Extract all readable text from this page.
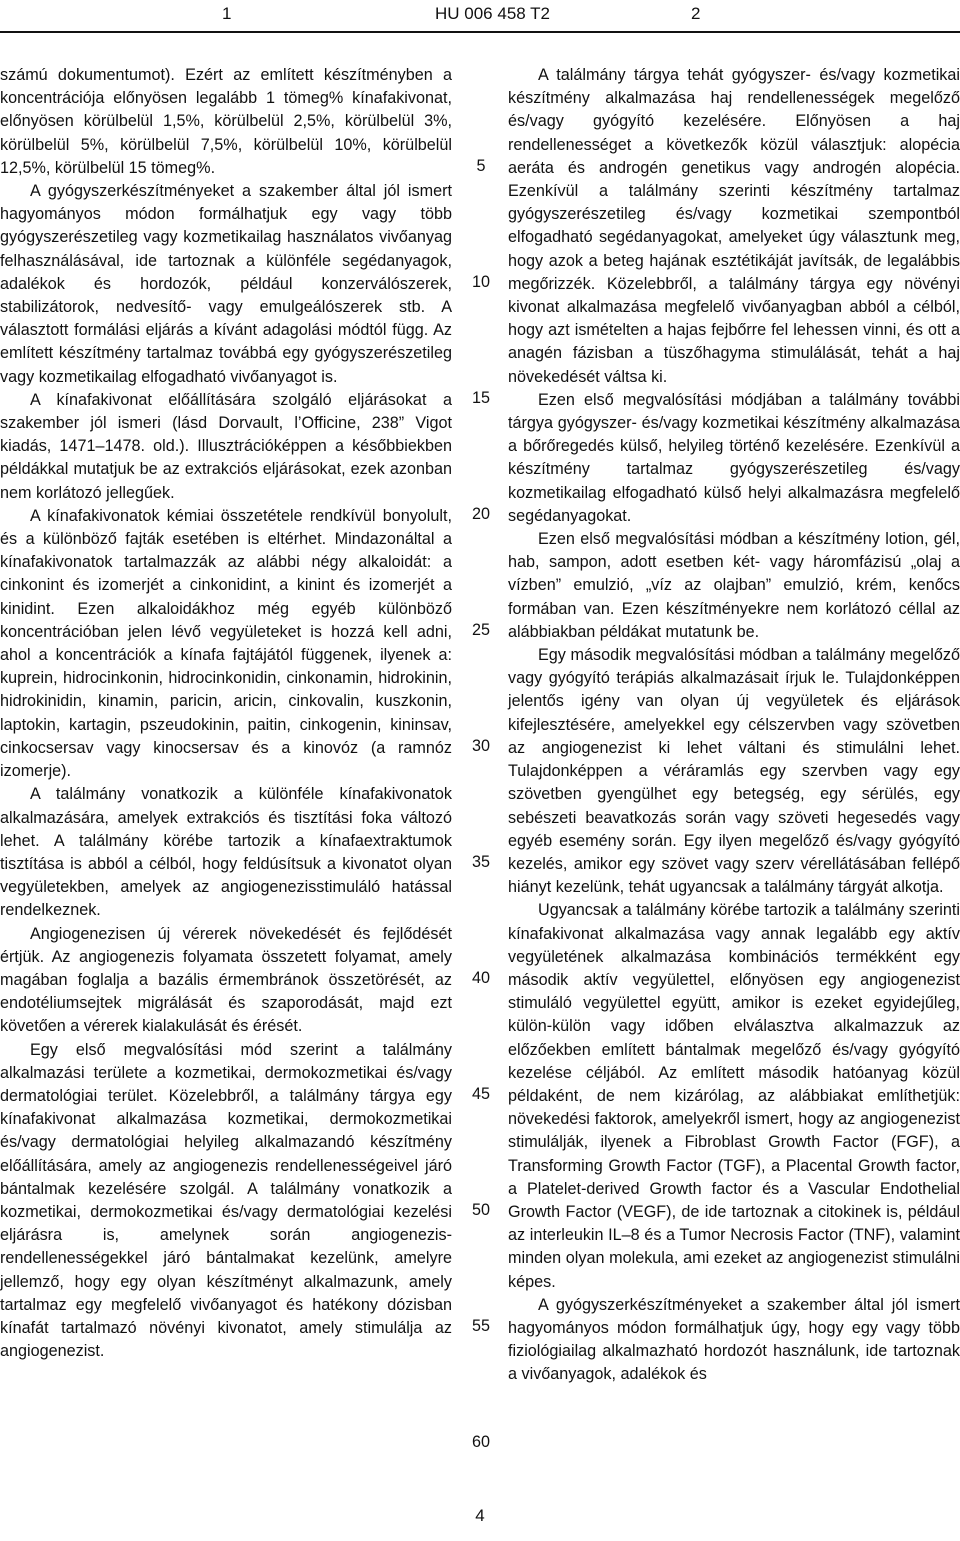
1	HU 006 458 T2	2

számú dokumentumot). Ezért az említett készítményben a koncentrációja előnyösen legalább 1 tömeg% kínafakivonat, előnyösen körülbelül 1,5%, körülbelül 2,5%, körülbelül 3%, körülbelül 5%, körülbelül 7,5%, körülbelül 10%, körülbelül 12,5%, körülbelül 15 tömeg%.

A gyógyszerkészítményeket a szakember által jól ismert hagyományos módon formálhatjuk egy vagy több gyógyszerészetileg vagy kozmetikailag használatos vivőanyag felhasználásával, ide tartoznak a különféle segédanyagok, adalékok és hordozók, például konzerválószerek, stabilizátorok, nedvesítő- vagy emulgeálószerek stb. A választott formálási eljárás a kívánt adagolási módtól függ. Az említett készítmény tartalmaz továbbá egy gyógyszerészetileg vagy kozmetikailag elfogadható vivőanyagot is.

A kínafakivonat előállítására szolgáló eljárásokat a szakember jól ismeri (lásd Dorvault, l’Officine, 238” Vigot kiadás, 1471–1478. old.). Illusztrációképpen a későbbiekben példákkal mutatjuk be az extrakciós eljárásokat, ezek azonban nem korlátozó jellegűek.

A kínafakivonatok kémiai összetétele rendkívül bonyolult, és a különböző fajták esetében is eltérhet. Mindazonáltal a kínafakivonatok tartalmazzák az alábbi négy alkaloidát: a cinkonint és izomerjét a cinkonidint, a kinint és izomerjét a kinidint. Ezen alkaloidákhoz még egyéb különböző koncentrációban jelen lévő vegyületeket is hozzá kell adni, ahol a koncentrációk a kínafa fajtájától függenek, ilyenek a: kuprein, hidrocinkonin, hidrocinkonidin, cinkonamin, hidrokinin, hidrokinidin, kinamin, paricin, aricin, cinkovalin, kuszkonin, laptokin, kartagin, pszeudokinin, paitin, cinkogenin, kininsav, cinkocsersav vagy kinocsersav és a kinovóz (a ramnóz izomerje).

A találmány vonatkozik a különféle kínafakivonatok alkalmazására, amelyek extrakciós és tisztítási foka változó lehet. A találmány körébe tartozik a kínafaextraktumok tisztítása is abból a célból, hogy feldúsítsuk a kivonatot olyan vegyületekben, amelyek az angiogenezisstimuláló hatással rendelkeznek.

Angiogenezisen új vérerek növekedését és fejlődését értjük. Az angiogenezis folyamata összetett folyamat, amely magában foglalja a bazális érmembránok összetörését, az endotéliumsejtek migrálását és szaporodását, majd ezt követően a vérerek kialakulását és érését.

Egy első megvalósítási mód szerint a találmány alkalmazási területe a kozmetikai, dermokozmetikai és/vagy dermatológiai terület. Közelebbről, a találmány tárgya egy kínafakivonat alkalmazása kozmetikai, dermokozmetikai és/vagy dermatológiai helyileg alkalmazandó készítmény előállítására, amely az angiogenezis rendellenességeivel járó bántalmak kezelésére szolgál. A találmány vonatkozik a kozmetikai, dermokozmetikai és/vagy dermatológiai kezelési eljárásra is, amelynek során angiogenezis-rendellenességekkel járó bántalmakat kezelünk, amelyre jellemző, hogy egy olyan készítményt alkalmazunk, amely tartalmaz egy megfelelő vivőanyagot és hatékony dózisban kínafát tartalmazó növényi kivonatot, amely stimulálja az angiogenezist.

5
10
15
20
25
30
35
40
45
50
55
60

A találmány tárgya tehát gyógyszer- és/vagy kozmetikai készítmény alkalmazása haj rendellenességek megelőző és/vagy gyógyító kezelésére. Előnyösen a haj rendellenességet a következők közül választjuk: alopécia aeráta és androgén genetikus vagy androgén alopécia. Ezenkívül a találmány szerinti készítmény tartalmaz gyógyszerészetileg és/vagy kozmetikai szempontból elfogadható segédanyagokat, amelyeket úgy választunk meg, hogy azok a beteg hajának esztétikáját javítsák, de legalábbis megőrizzék. Közelebbről, a találmány tárgya egy növényi kivonat alkalmazása megfelelő vivőanyagban abból a célból, hogy azt ismételten a hajas fejbőrre fel lehessen vinni, és ott a anagén fázisban a tüszőhagyma stimulálását, tehát a haj növekedését váltsa ki.

Ezen első megvalósítási módjában a találmány további tárgya gyógyszer- és/vagy kozmetikai készítmény alkalmazása a bőrőregedés külső, helyileg történő kezelésére. Ezenkívül a készítmény tartalmaz gyógyszerészetileg és/vagy kozmetikailag elfogadható külső helyi alkalmazásra megfelelő segédanyagokat.

Ezen első megvalósítási módban a készítmény lotion, gél, hab, sampon, adott esetben két- vagy háromfázisú „olaj a vízben” emulzió, „víz az olajban” emulzió, krém, kenőcs formában van. Ezen készítményekre nem korlátozó céllal az alábbiakban példákat mutatunk be.

Egy második megvalósítási módban a találmány megelőző vagy gyógyító terápiás alkalmazásait írjuk le. Tulajdonképpen jelentős igény van olyan új vegyületek és eljárások kifejlesztésére, amelyekkel egy célszervben vagy szövetben az angiogenezist ki lehet váltani és stimulálni lehet. Tulajdonképpen a véráramlás egy szervben vagy egy szövetben gyengülhet egy betegség, egy sérülés, egy sebészeti beavatkozás során vagy szöveti hegesedés vagy egyéb esemény során. Egy ilyen megelőző és/vagy gyógyító kezelés, amikor egy szövet vagy szerv vérellátásában fellépő hiányt kezelünk, tehát ugyancsak a találmány tárgyát alkotja.

Ugyancsak a találmány körébe tartozik a találmány szerinti kínafakivonat alkalmazása vagy annak legalább egy aktív vegyületének alkalmazása kombinációs termékként egy második aktív vegyülettel, előnyösen egy angiogenezist stimuláló vegyülettel együtt, amikor is ezeket egyidejűleg, külön-külön vagy időben elválasztva alkalmazzuk az előzőekben említett bántalmak megelőző és/vagy gyógyító kezelése céljából. Az említett második hatóanyag közül példaként, de nem kizárólag, az alábbiakat említhetjük: növekedési faktorok, amelyekről ismert, hogy az angiogenezist stimulálják, ilyenek a Fibroblast Growth Factor (FGF), a Transforming Growth Factor (TGF), a Placental Growth factor, a Platelet-derived Growth factor és a Vascular Endothelial Growth Factor (VEGF), de ide tartoznak a citokinek is, például az interleukin IL–8 és a Tumor Necrosis Factor (TNF), valamint minden olyan molekula, ami ezeket az angiogenezist stimulálni képes.

A gyógyszerkészítményeket a szakember által jól ismert hagyományos módon formálhatjuk úgy, hogy egy vagy több fiziológiailag alkalmazható hordozót használunk, ide tartoznak a vivőanyagok, adalékok és

4
